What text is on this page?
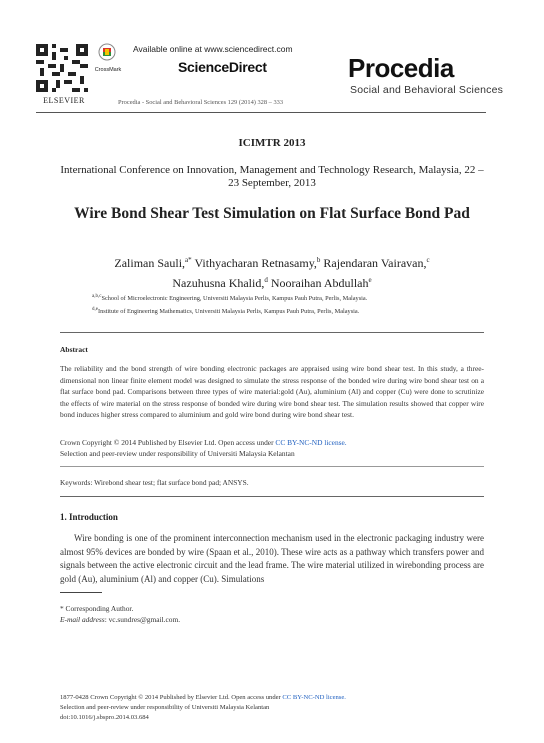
ELSEVIER
CrossMark
Available online at www.sciencedirect.com
ScienceDirect
Procedia - Social and Behavioral Sciences 129 (2014) 328 – 333
Procedia
Social and Behavioral Sciences
ICIMTR 2013
International Conference on Innovation, Management and Technology Research, Malaysia, 22 – 23 September, 2013
Wire Bond Shear Test Simulation on Flat Surface Bond Pad
Zaliman Sauli,$^{a*}$ Vithyacharan Retnasamy,$^b$ Rajendaran Vairavan,$^c$
Nazuhusna Khalid,$^d$ Nooraihan Abdullah$^e$
$^{a,b,c}$School of Microelectronic Engineering, Universiti Malaysia Perlis, Kampus Pauh Putra, Perlis, Malaysia.
$^{d,e}$Institute of Engineering Mathematics, Universiti Malaysia Perlis, Kampus Pauh Putra, Perlis, Malaysia.
Abstract
The reliability and the bond strength of wire bonding electronic packages are appraised using wire bond shear test. In this study, a three-dimensional non linear finite element model was designed to simulate the stress response of the bonded wire during wire bond shear test on a flat surface bond pad. Comparisons between three types of wire material:gold (Au), aluminium (Al) and copper (Cu) were done to scrutinize the effects of wire material on the stress response of bonded wire during wire bond shear test. The simulation results showed that copper wire bond induces higher stress compared to aluminium and gold wire bond during wire bond shear test.
Crown Copyright © 2014 Published by Elsevier Ltd. Open access under CC BY-NC-ND license.
Selection and peer-review under responsibility of Universiti Malaysia Kelantan
Keywords: Wirebond shear test; flat surface bond pad; ANSYS.
1. Introduction
Wire bonding is one of the prominent interconnection mechanism used in the electronic packaging industry were almost 95% devices are bonded by wire (Spaan et al., 2010). These wire acts as a pathway which transfers power and signals between the active electronic circuit and the lead frame. The wire material utilized in wirebonding process are gold (Au), aluminium (Al) and copper (Cu). Simulations
* Corresponding Author.
E-mail address: vc.sundres@gmail.com.
1877-0428 Crown Copyright © 2014 Published by Elsevier Ltd. Open access under CC BY-NC-ND license.
Selection and peer-review under responsibility of Universiti Malaysia Kelantan
doi:10.1016/j.sbspro.2014.03.684
